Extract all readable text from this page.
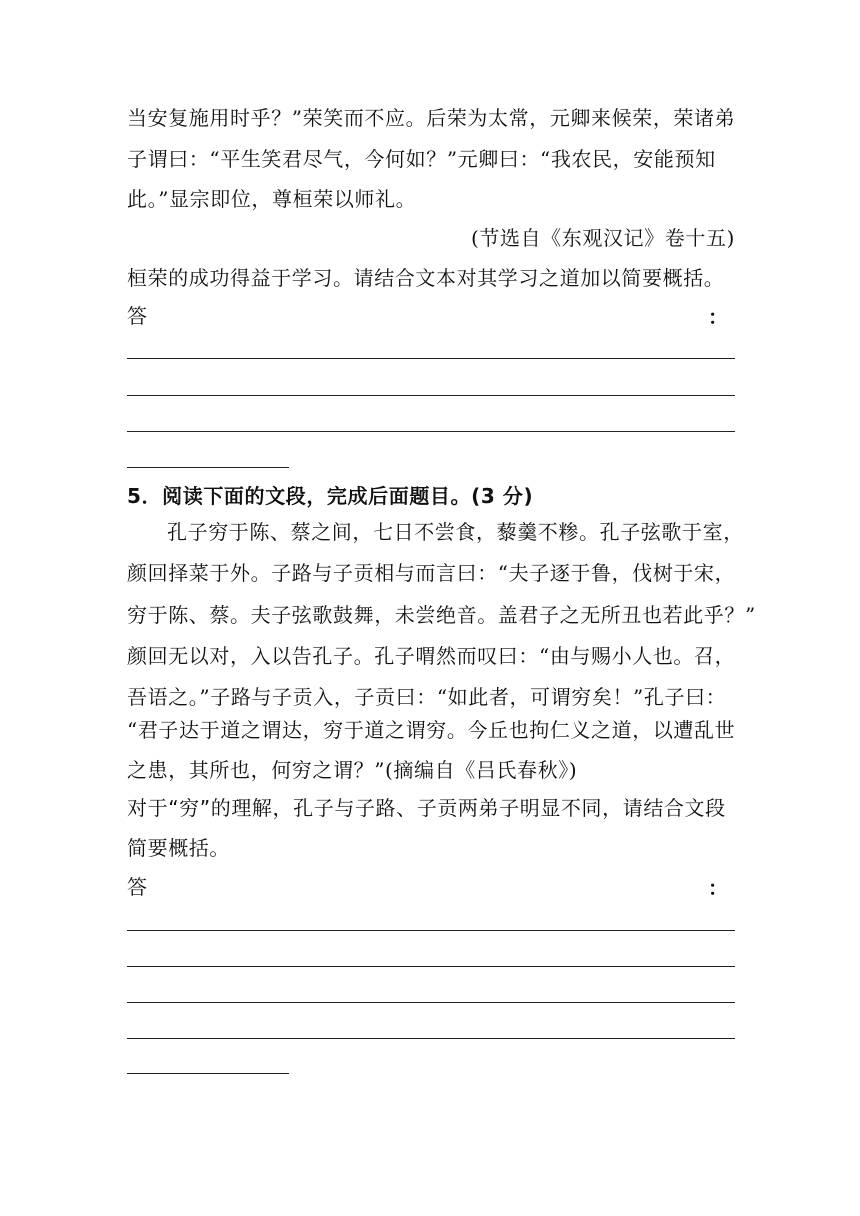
当安复施用时乎？”荣笑而不应。后荣为太常，元卿来候荣，荣诸弟
子谓曰：“平生笑君尽气，今何如？”元卿曰：“我农民，安能预知
此。”显宗即位，尊桓荣以师礼。
(节选自《东观汉记》卷十五)
桓荣的成功得益于学习。请结合文本对其学习之道加以简要概括。
答	：
5．阅读下面的文段，完成后面题目。(3 分)
孔子穷于陈、蔡之间，七日不尝食，藜羹不糁。孔子弦歌于室，
颜回择菜于外。子路与子贡相与而言曰：“夫子逐于鲁，伐树于宋，
穷于陈、蔡。夫子弦歌鼓舞，未尝绝音。盖君子之无所丑也若此乎？”
颜回无以对，入以告孔子。孔子喟然而叹曰：“由与赐小人也。召，
吾语之。”子路与子贡入，子贡曰：“如此者，可谓穷矣！”孔子曰：
“君子达于道之谓达，穷于道之谓穷。今丘也拘仁义之道，以遭乱世
之患，其所也，何穷之谓？”(摘编自《吕氏春秋》)
对于“穷”的理解，孔子与子路、子贡两弟子明显不同，请结合文段
简要概括。
答	：
